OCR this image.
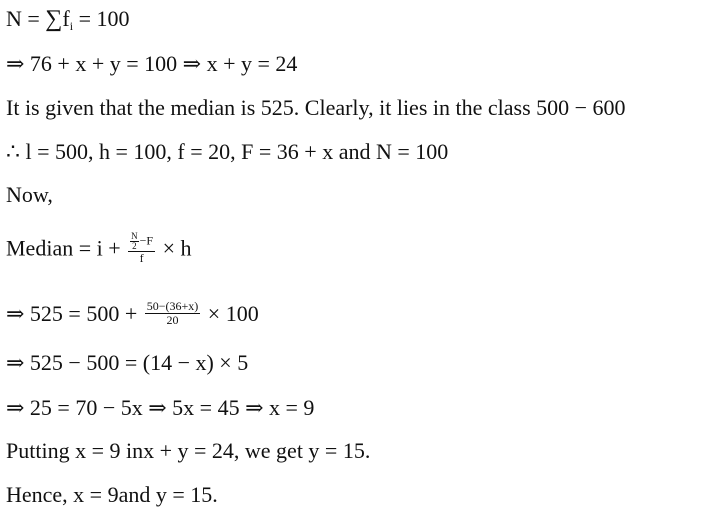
$N = \sum f_i = 100$
⇒ 76 + x + y = 100 ⇒ x + y = 24
It is given that the median is 525. Clearly, it lies in the class 500 − 600
∴ l = 500, h = 100, f = 20, F = 36 + x and N = 100
Now,
Median = $i + \frac{\frac{N}{2} -F}{f} \times h$
⇒ $525 = 500 + \frac{50-(36+x)}{20} \times 100$
⇒ 525 − 500 = (14 − x) × 5
⇒ 25 = 70 − 5x ⇒ 5x = 45 ⇒ x = 9
Putting x = 9 inx + y = 24, we get y = 15.
Hence, x = 9and y = 15.
